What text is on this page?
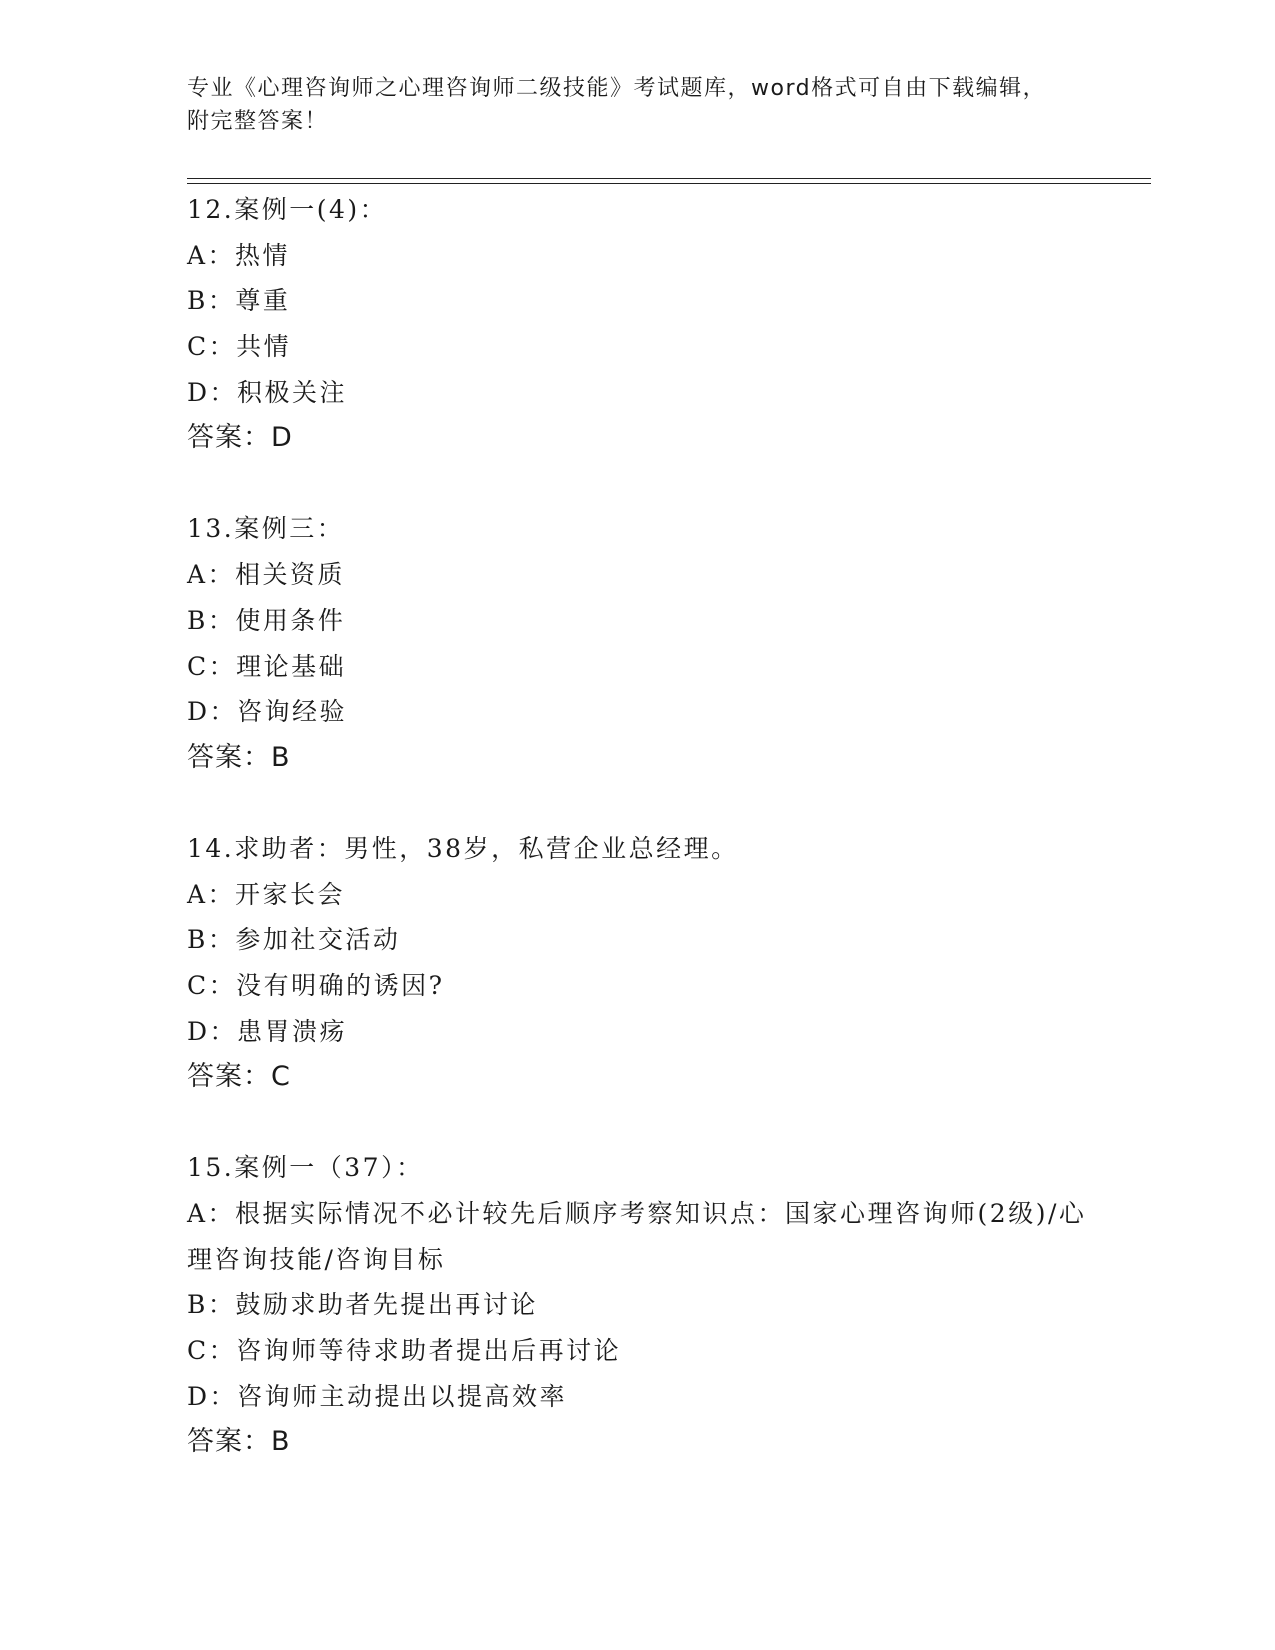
专业《心理咨询师之心理咨询师二级技能》考试题库，word格式可自由下载编辑，附完整答案！
12.案例一(4)：
A：热情
B：尊重
C：共情
D：积极关注
答案：D
13.案例三：
A：相关资质
B：使用条件
C：理论基础
D：咨询经验
答案：B
14.求助者：男性，38岁，私营企业总经理。
A：开家长会
B：参加社交活动
C：没有明确的诱因?
D：患胃溃疡
答案：C
15.案例一（37）：
A：根据实际情况不必计较先后顺序考察知识点：国家心理咨询师(2级)/心理咨询技能/咨询目标
B：鼓励求助者先提出再讨论
C：咨询师等待求助者提出后再讨论
D：咨询师主动提出以提高效率
答案：B
